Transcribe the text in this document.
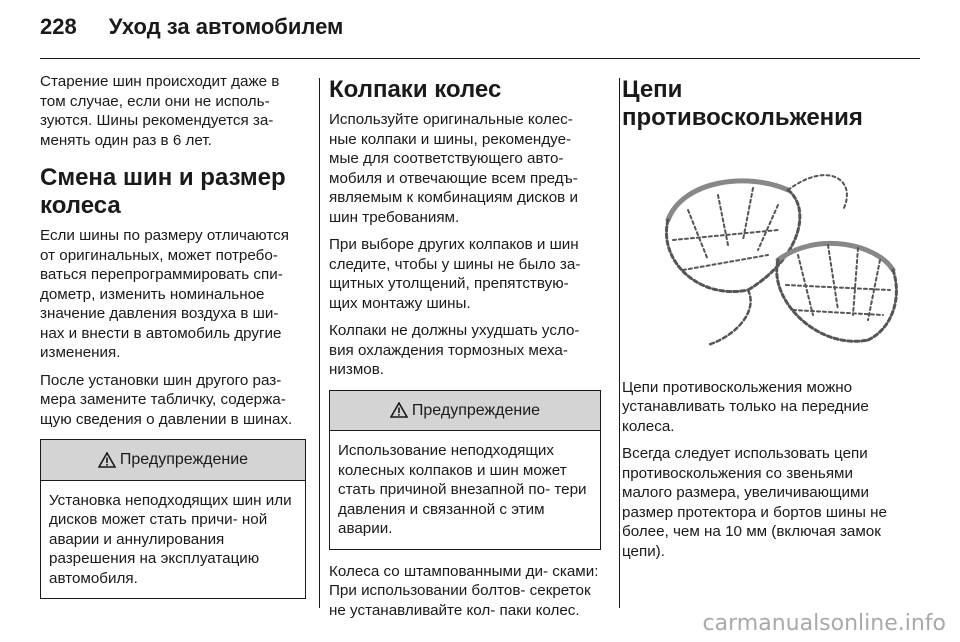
228 Уход за автомобилем

Старение шин происходит даже в том случае, если они не исполь- зуются. Шины рекомендуется за- менять один раз в 6 лет.

Смена шин и размер колеса

Если шины по размеру отличаются от оригинальных, может потребо- ваться перепрограммировать спи- дометр, изменить номинальное значение давления воздуха в ши- нах и внести в автомобиль другие изменения.

После установки шин другого раз- мера замените табличку, содержа- щую сведения о давлении в шинах.

Предупреждение
Установка неподходящих шин или дисков может стать причи- ной аварии и аннулирования разрешения на эксплуатацию автомобиля.
Колпаки колес

Используйте оригинальные колес- ные колпаки и шины, рекомендуе- мые для соответствующего авто- мобиля и отвечающие всем предъ- являемым к комбинациям дисков и шин требованиям.

При выборе других колпаков и шин следите, чтобы у шины не было за- щитных утолщений, препятствую- щих монтажу шины.

Колпаки не должны ухудшать усло- вия охлаждения тормозных меха- низмов.

Предупреждение
Использование неподходящих колесных колпаков и шин может стать причиной внезапной по- тери давления и связанной с этим аварии.

Колеса со штампованными ди- сками: При использовании болтов- секреток не устанавливайте кол- паки колес.

Цепи противоскольжения

Цепи противоскольжения можно устанавливать только на передние колеса.

Всегда следует использовать цепи противоскольжения со звеньями малого размера, увеличивающими размер протектора и бортов шины не более, чем на 10 мм (включая замок цепи).

carmanualsonline.info
